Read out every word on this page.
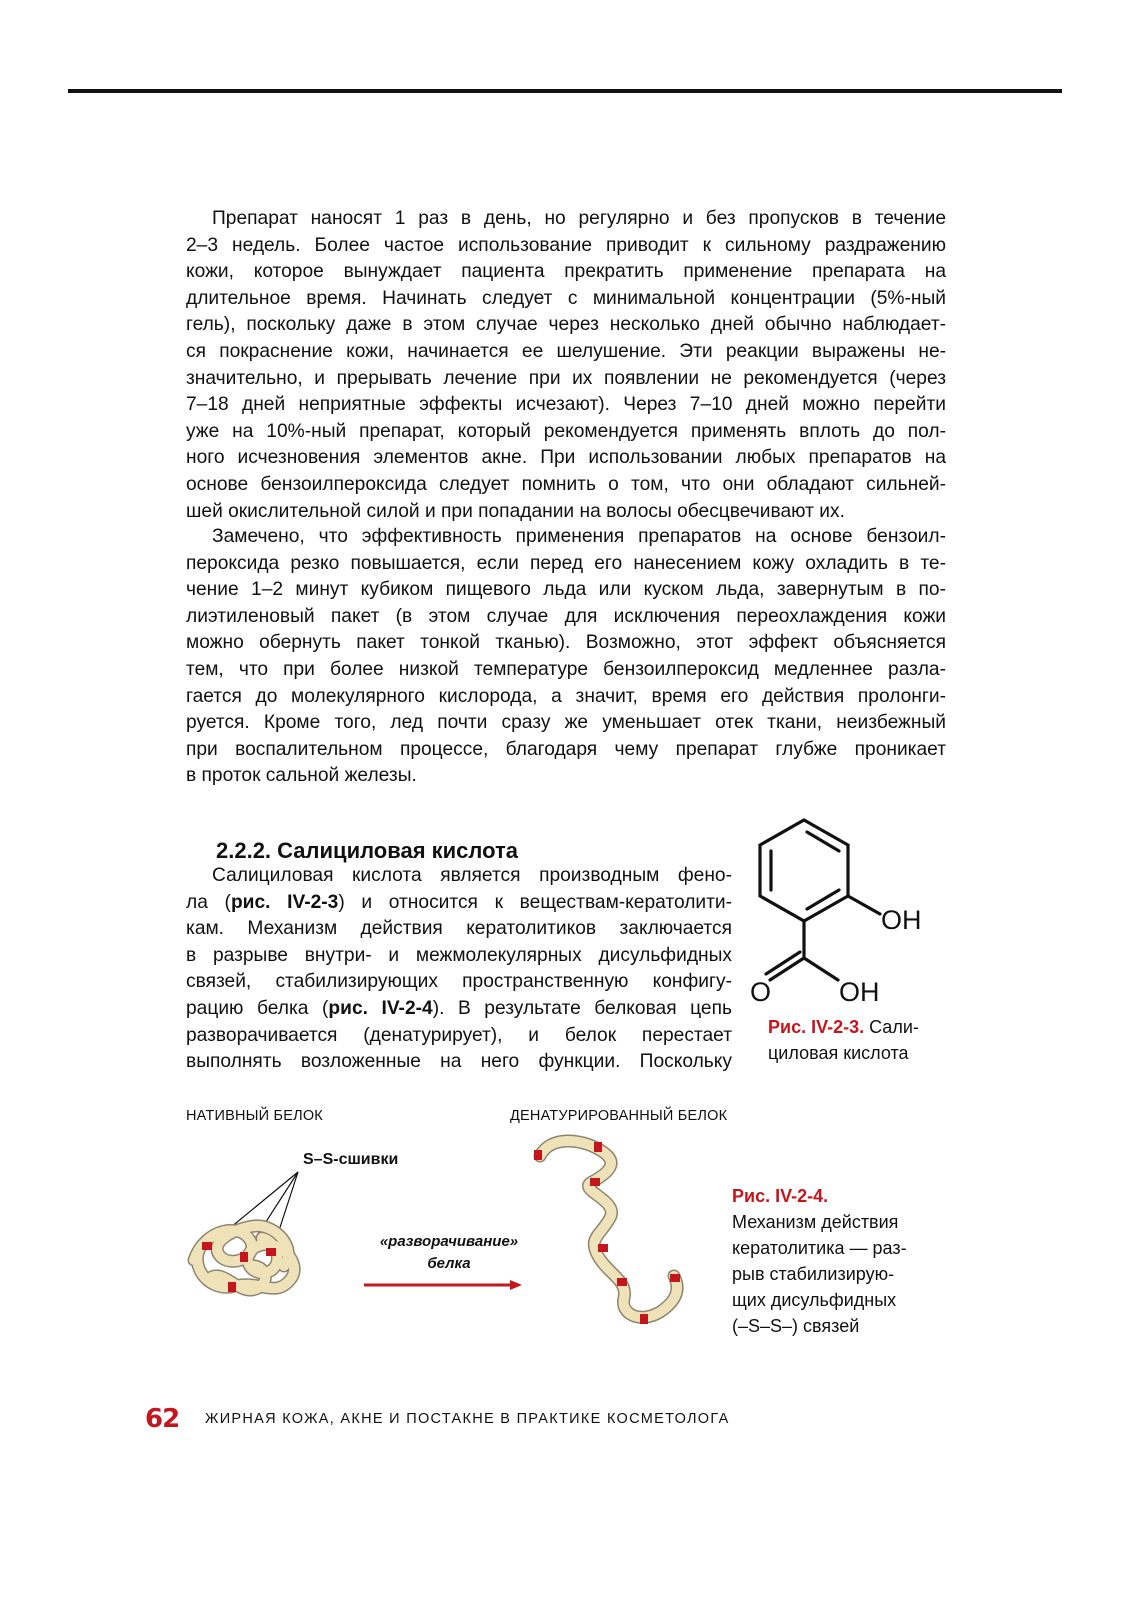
Препарат наносят 1 раз в день, но регулярно и без пропусков в течение
2–3 недель. Более частое использование приводит к сильному раздражению
кожи, которое вынуждает пациента прекратить применение препарата на
длительное время. Начинать следует с минимальной концентрации (5%-ный
гель), поскольку даже в этом случае через несколько дней обычно наблюдает-
ся покраснение кожи, начинается ее шелушение. Эти реакции выражены не-
значительно, и прерывать лечение при их появлении не рекомендуется (через
7–18 дней неприятные эффекты исчезают). Через 7–10 дней можно перейти
уже на 10%-ный препарат, который рекомендуется применять вплоть до пол-
ного исчезновения элементов акне. При использовании любых препаратов на
основе бензоилпероксида следует помнить о том, что они обладают сильней-
шей окислительной силой и при попадании на волосы обесцвечивают их.
Замечено, что эффективность применения препаратов на основе бензоил-
пероксида резко повышается, если перед его нанесением кожу охладить в те-
чение 1–2 минут кубиком пищевого льда или куском льда, завернутым в по-
лиэтиленовый пакет (в этом случае для исключения переохлаждения кожи
можно обернуть пакет тонкой тканью). Возможно, этот эффект объясняется
тем, что при более низкой температуре бензоилпероксид медленнее разла-
гается до молекулярного кислорода, а значит, время его действия пролонги-
руется. Кроме того, лед почти сразу же уменьшает отек ткани, неизбежный
при воспалительном процессе, благодаря чему препарат глубже проникает
в проток сальной железы.
2.2.2. Салициловая кислота
Салициловая кислота является производным фено-
ла (рис. IV-2-3) и относится к веществам-кератолити-
кам. Механизм действия кератолитиков заключается
в разрыве внутри- и межмолекулярных дисульфидных
связей, стабилизирующих пространственную конфигу-
рацию белка (рис. IV-2-4). В результате белковая цепь
разворачивается (денатурирует), и белок перестает
выполнять возложенные на него функции. Поскольку
OH
O	OH
Рис. IV-2-3. Сали-
циловая кислота
НАТИВНЫЙ БЕЛОК	ДЕНАТУРИРОВАННЫЙ БЕЛОК
S–S-сшивки
«разворачивание»
белка
Рис. IV-2-4.
Механизм действия
кератолитика — раз-
рыв стабилизирую-
щих дисульфидных
(–S–S–) связей
62 ЖИРНАЯ КОЖА, АКНЕ И ПОСТАКНЕ В ПРАКТИКЕ КОСМЕТОЛОГА
